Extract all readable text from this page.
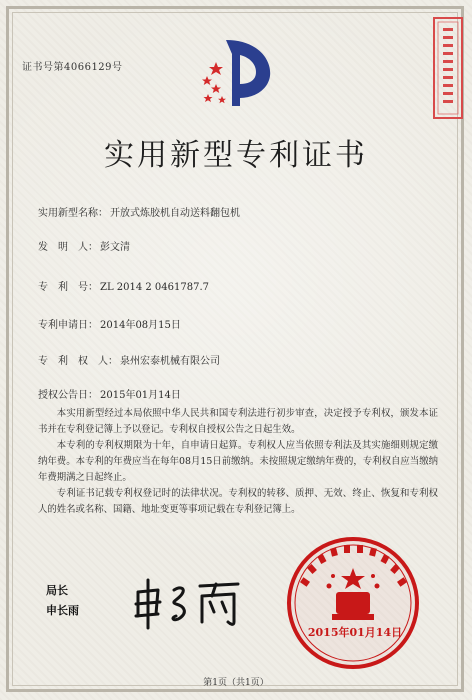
证书号第4066129号
实用新型专利证书
实用新型名称： 开放式炼胶机自动送料翻包机
发　明　人： 彭文清
专　利　号： ZL 2014 2 0461787.7
专利申请日： 2014年08月15日
专　利　权　人： 泉州宏泰机械有限公司
授权公告日： 2015年01月14日

本实用新型经过本局依照中华人民共和国专利法进行初步审查，决定授予专利权，颁发本证书并在专利登记簿上予以登记。专利权自授权公告之日起生效。

本专利的专利权期限为十年，自申请日起算。专利权人应当依照专利法及其实施细则规定缴纳年费。本专利的年费应当在每年08月15日前缴纳。未按照规定缴纳年费的，专利权自应当缴纳年费期满之日起终止。

专利证书记载专利权登记时的法律状况。专利权的转移、质押、无效、终止、恢复和专利权人的姓名或名称、国籍、地址变更等事项记载在专利登记簿上。

局长
申长雨
2015年01月14日
第1页（共1页）
